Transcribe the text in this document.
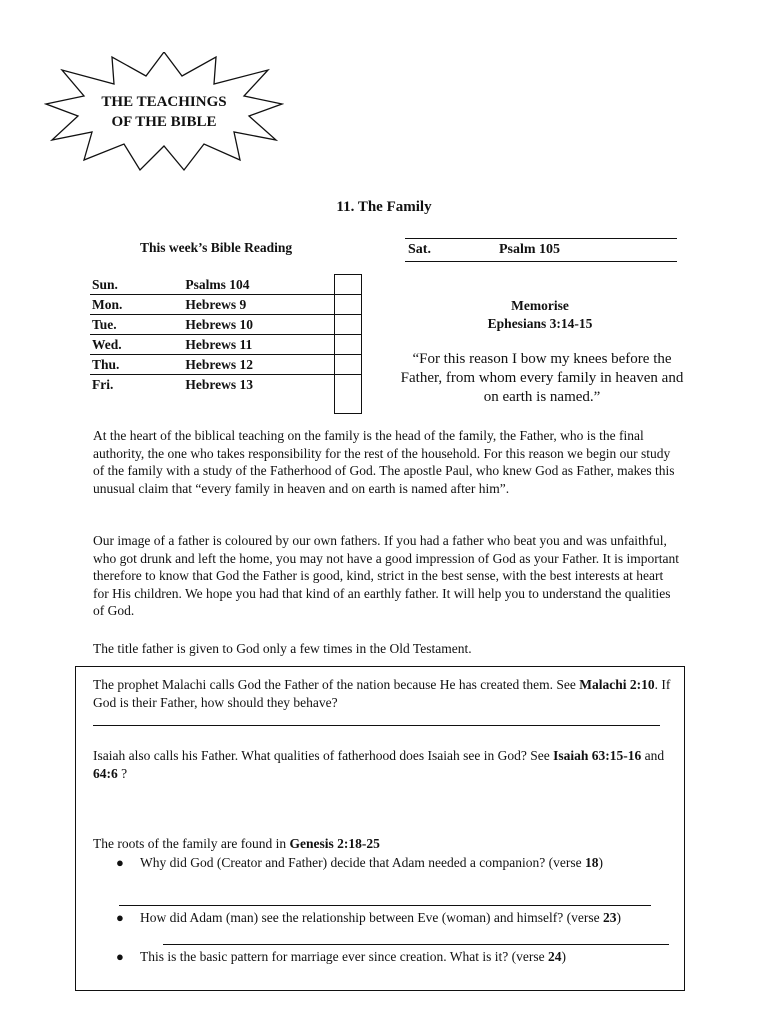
THE TEACHINGS
OF THE BIBLE
11. The Family
This week’s Bible Reading
Sun.	Psalms 104	
Mon.	Hebrews 9	
Tue.	Hebrews 10	
Wed.	Hebrews 11	
Thu.	Hebrews 12	
Fri.	Hebrews 13	
Sat.	Psalm 105
Memorise
Ephesians 3:14-15
“For this reason I bow my knees before the Father, from whom every family in heaven and on earth is named.”
At the heart of the biblical teaching on the family is the head of the family, the Father, who is the final authority, the one who takes responsibility for the rest of the household. For this reason we begin our study of the family with a study of the Fatherhood of God. The apostle Paul, who knew God as Father, makes this unusual claim that “every family in heaven and on earth is named after him”.
Our image of a father is coloured by our own fathers. If you had a father who beat you and was unfaithful, who got drunk and left the home, you may not have a good impression of God as your Father. It is important therefore to know that God the Father is good, kind, strict in the best sense, with the best interests at heart for His children. We hope you had that kind of an earthly father. It will help you to understand the qualities of God.
The title father is given to God only a few times in the Old Testament.
The prophet Malachi calls God the Father of the nation because He has created them. See Malachi 2:10. If God is their Father, how should they behave?
Isaiah also calls his Father. What qualities of fatherhood does Isaiah see in God? See Isaiah 63:15-16 and 64:6 ?
The roots of the family are found in Genesis 2:18-25
● Why did God (Creator and Father) decide that Adam needed a companion? (verse 18)
● How did Adam (man) see the relationship between Eve (woman) and himself? (verse 23)
● This is the basic pattern for marriage ever since creation. What is it? (verse 24)
